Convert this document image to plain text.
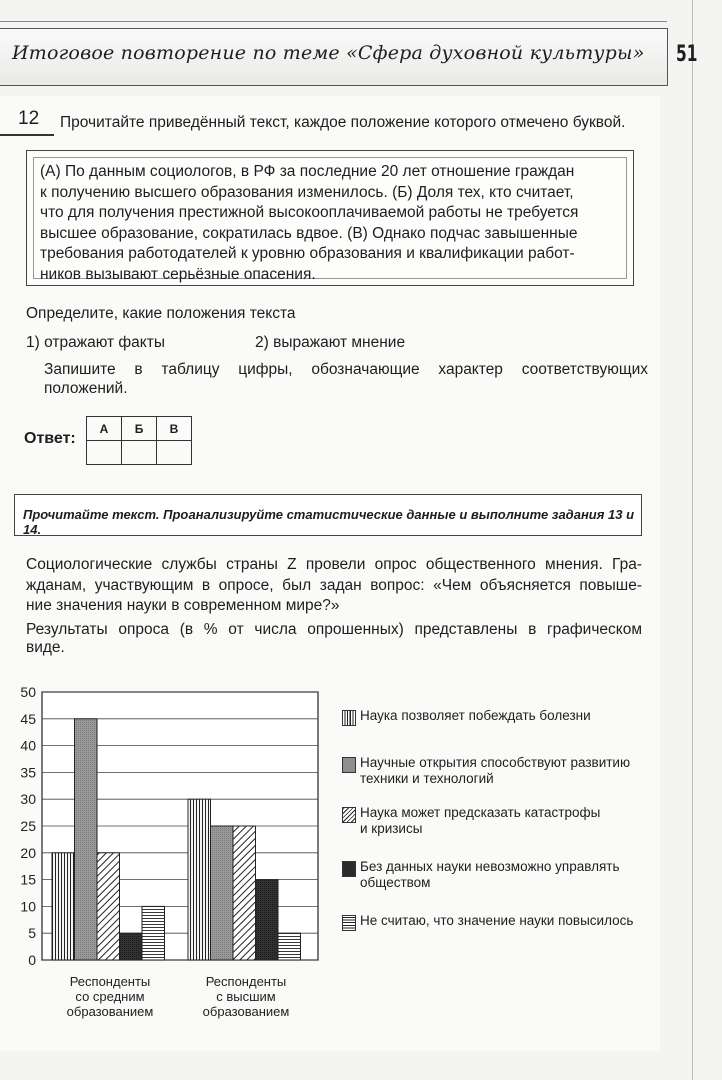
Итоговое повторение по теме «Сфера духовной культуры» 51
12 Прочитайте приведённый текст, каждое положение которого отмечено буквой.
(А) По данным социологов, в РФ за последние 20 лет отношение граждан
к получению высшего образования изменилось. (Б) Доля тех, кто считает,
что для получения престижной высокооплачиваемой работы не требуется
высшее образование, сократилась вдвое. (В) Однако подчас завышенные
требования работодателей к уровню образования и квалификации работ-
ников вызывают серьёзные опасения.
Определите, какие положения текста
1) отражают факты	2) выражают мнение
Запишите в таблицу цифры, обозначающие характер соответствующих
положений.
Ответ:
А	Б	В

Прочитайте текст. Проанализируйте статистические данные и выполните задания 13 и 14.
Социологические службы страны Z провели опрос общественного мнения. Гра-
жданам, участвующим в опросе, был задан вопрос: «Чем объясняется повыше-
ние значения науки в современном мире?»
Результаты опроса (в % от числа опрошенных) представлены в графическом
виде.
0
5
10
15
20
25
30
35
40
45
50
Респонденты
со средним
образованием
Респонденты
с высшим
образованием
Наука позволяет побеждать болезни
Научные открытия способствуют развитию
техники и технологий
Наука может предсказать катастрофы
и кризисы
Без данных науки невозможно управлять
обществом
Не считаю, что значение науки повысилось
